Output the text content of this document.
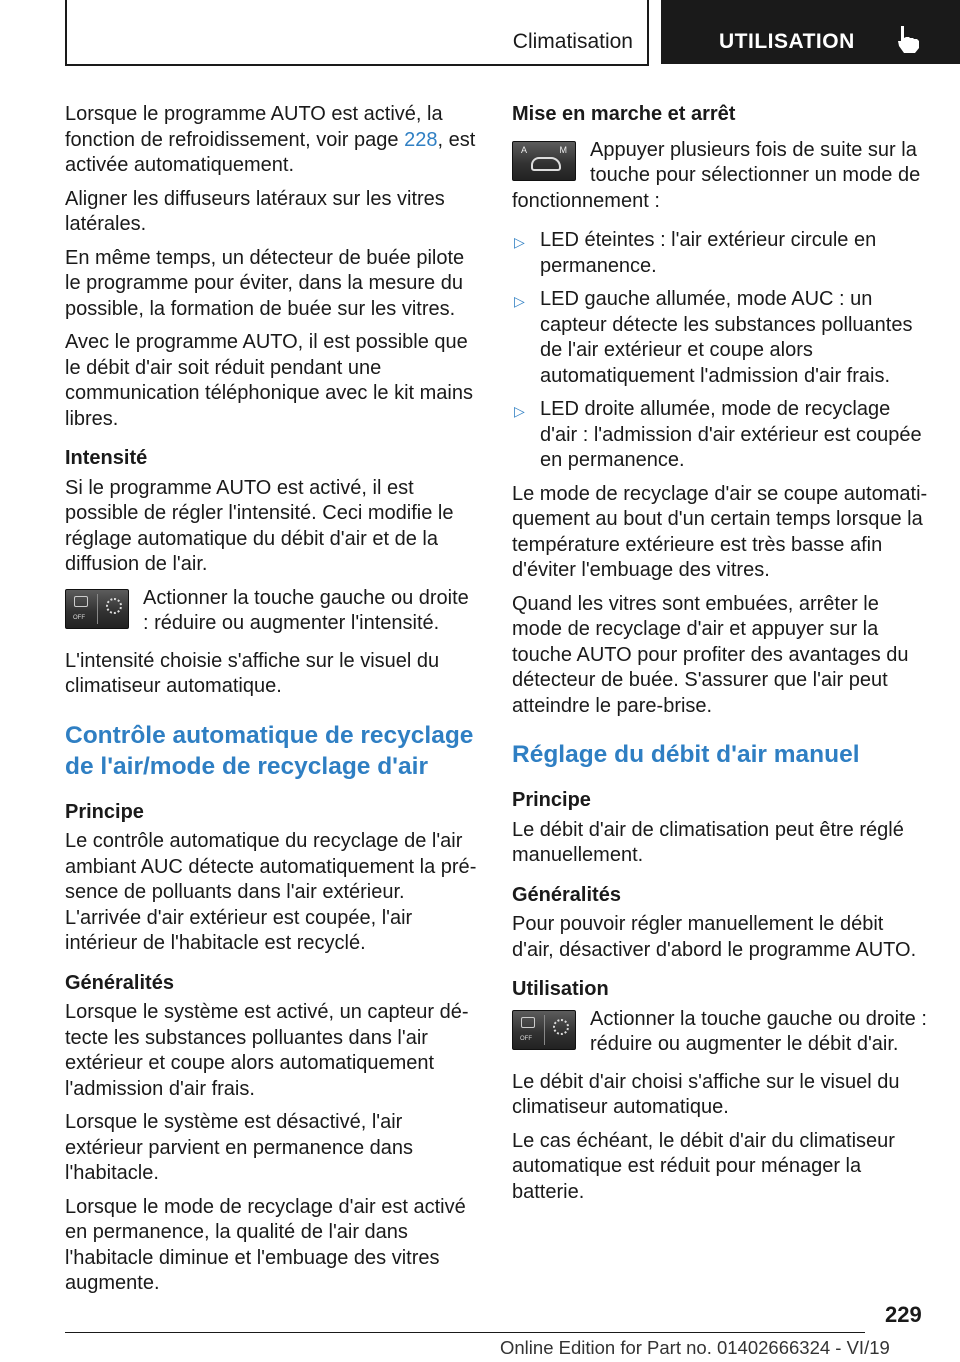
Climatisation	UTILISATION

Lorsque le programme AUTO est activé, la fonction de refroidissement, voir page 228, est activée automatiquement.

Aligner les diffuseurs latéraux sur les vitres latérales.

En même temps, un détecteur de buée pilote le programme pour éviter, dans la mesure du possible, la formation de buée sur les vitres.

Avec le programme AUTO, il est possible que le débit d'air soit réduit pendant une communication téléphonique avec le kit mains libres.

Intensité

Si le programme AUTO est activé, il est possible de régler l'intensité. Ceci modifie le réglage automatique du débit d'air et de la diffusion de l'air.

OFF
Actionner la touche gauche ou droite : réduire ou augmenter l'intensité.

L'intensité choisie s'affiche sur le visuel du climatiseur automatique.

Contrôle automatique de recyclage de l'air/mode de recyclage d'air
Principe

Le contrôle automatique du recyclage de l'air ambiant AUC détecte automatiquement la présence de polluants dans l'air extérieur. L'arrivée d'air extérieur est coupée, l'air intérieur de l'habitacle est recyclé.

Généralités

Lorsque le système est activé, un capteur détecte les substances polluantes dans l'air extérieur et coupe alors automatiquement l'admission d'air frais.

Lorsque le système est désactivé, l'air extérieur parvient en permanence dans l'habitacle.

Lorsque le mode de recyclage d'air est activé en permanence, la qualité de l'air dans l'habitacle diminue et l'embuage des vitres augmente.

Mise en marche et arrêt
A	M Appuyer plusieurs fois de suite sur la touche pour sélectionner un mode de

fonctionnement :

▷ LED éteintes : l'air extérieur circule en permanence.
▷ LED gauche allumée, mode AUC : un capteur détecte les substances polluantes de l'air extérieur et coupe alors automatiquement l'admission d'air frais.
▷ LED droite allumée, mode de recyclage d'air : l'admission d'air extérieur est coupée en permanence.

Le mode de recyclage d'air se coupe automatiquement au bout d'un certain temps lorsque la température extérieure est très basse afin d'éviter l'embuage des vitres.

Quand les vitres sont embuées, arrêter le mode de recyclage d'air et appuyer sur la touche AUTO pour profiter des avantages du détecteur de buée. S'assurer que l'air peut atteindre le pare-brise.

Réglage du débit d'air manuel
Principe

Le débit d'air de climatisation peut être réglé manuellement.

Généralités

Pour pouvoir régler manuellement le débit d'air, désactiver d'abord le programme AUTO.

Utilisation
OFF
Actionner la touche gauche ou droite : réduire ou augmenter le débit d'air.

Le débit d'air choisi s'affiche sur le visuel du climatiseur automatique.

Le cas échéant, le débit d'air du climatiseur automatique est réduit pour ménager la batterie.

229
Online Edition for Part no. 01402666324 - VI/19
